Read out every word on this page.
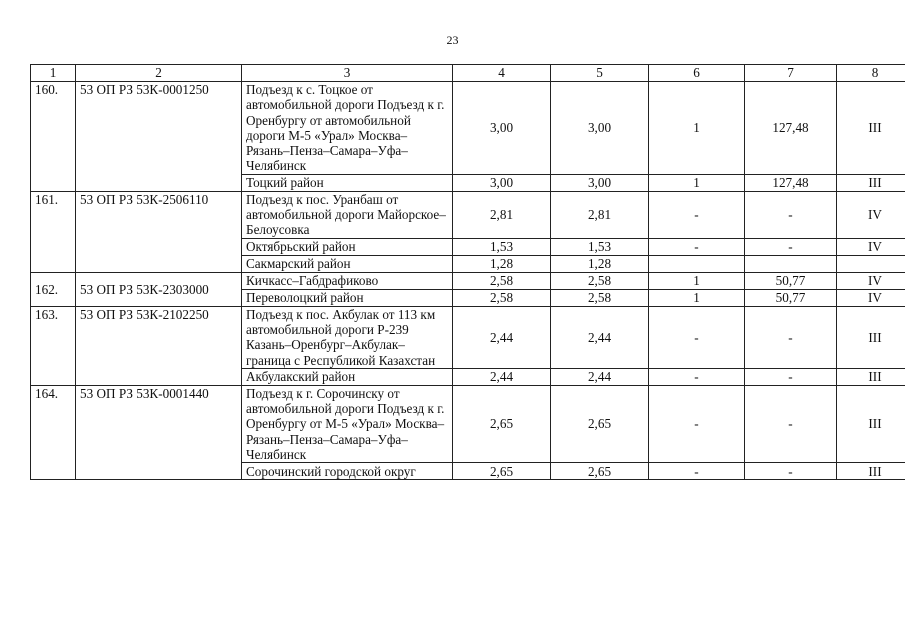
23
1	2	3	4	5	6	7	8
160.	53 ОП РЗ 53К-0001250	Подъезд к с. Тоцкое от автомобильной дороги Подъезд к г. Оренбургу от автомобильной дороги М-5 «Урал» Москва–Рязань–Пенза–Самара–Уфа–Челябинск	3,00	3,00	1	127,48	III
		Тоцкий район	3,00	3,00	1	127,48	III
161.	53 ОП РЗ 53К-2506110	Подъезд к пос. Уранбаш от автомобильной дороги Майорское–Белоусовка	2,81	2,81	-	-	IV
		Октябрьский район	1,53	1,53	-	-	IV
		Сакмарский район	1,28	1,28			
162.	53 ОП РЗ 53К-2303000	Кичкасс–Габдрафиково	2,58	2,58	1	50,77	IV
		Переволоцкий район	2,58	2,58	1	50,77	IV
163.	53 ОП РЗ 53К-2102250	Подъезд к пос. Акбулак от 113 км автомобильной дороги Р-239 Казань–Оренбург–Акбулак–граница с Республикой Казахстан	2,44	2,44	-	-	III
		Акбулакский район	2,44	2,44	-	-	III
164.	53 ОП РЗ 53К-0001440	Подъезд к г. Сорочинску от автомобильной дороги Подъезд к г. Оренбургу от М-5 «Урал» Москва–Рязань–Пенза–Самара–Уфа–Челябинск	2,65	2,65	-	-	III
		Сорочинский городской округ	2,65	2,65	-	-	III
